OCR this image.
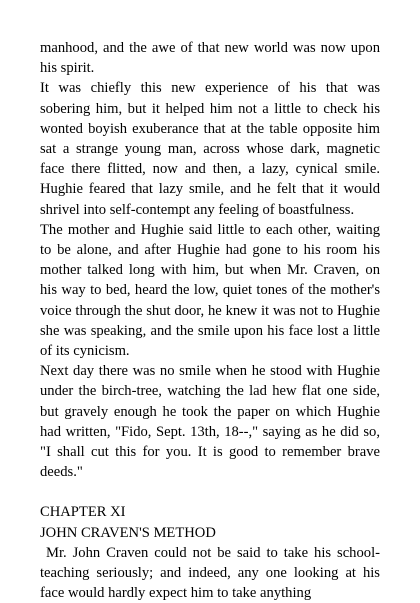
manhood, and the awe of that new world was now upon his spirit.

It was chiefly this new experience of his that was sobering him, but it helped him not a little to check his wonted boyish exuberance that at the table opposite him sat a strange young man, across whose dark, magnetic face there flitted, now and then, a lazy, cynical smile. Hughie feared that lazy smile, and he felt that it would shrivel into self-contempt any feeling of boastfulness.

The mother and Hughie said little to each other, waiting to be alone, and after Hughie had gone to his room his mother talked long with him, but when Mr. Craven, on his way to bed, heard the low, quiet tones of the mother's voice through the shut door, he knew it was not to Hughie she was speaking, and the smile upon his face lost a little of its cynicism.

Next day there was no smile when he stood with Hughie under the birch-tree, watching the lad hew flat one side, but gravely enough he took the paper on which Hughie had written, "Fido, Sept. 13th, 18--," saying as he did so, "I shall cut this for you. It is good to remember brave deeds."

CHAPTER XI

JOHN CRAVEN'S METHOD

Mr. John Craven could not be said to take his school-teaching seriously; and indeed, any one looking at his face would hardly expect him to take anything
